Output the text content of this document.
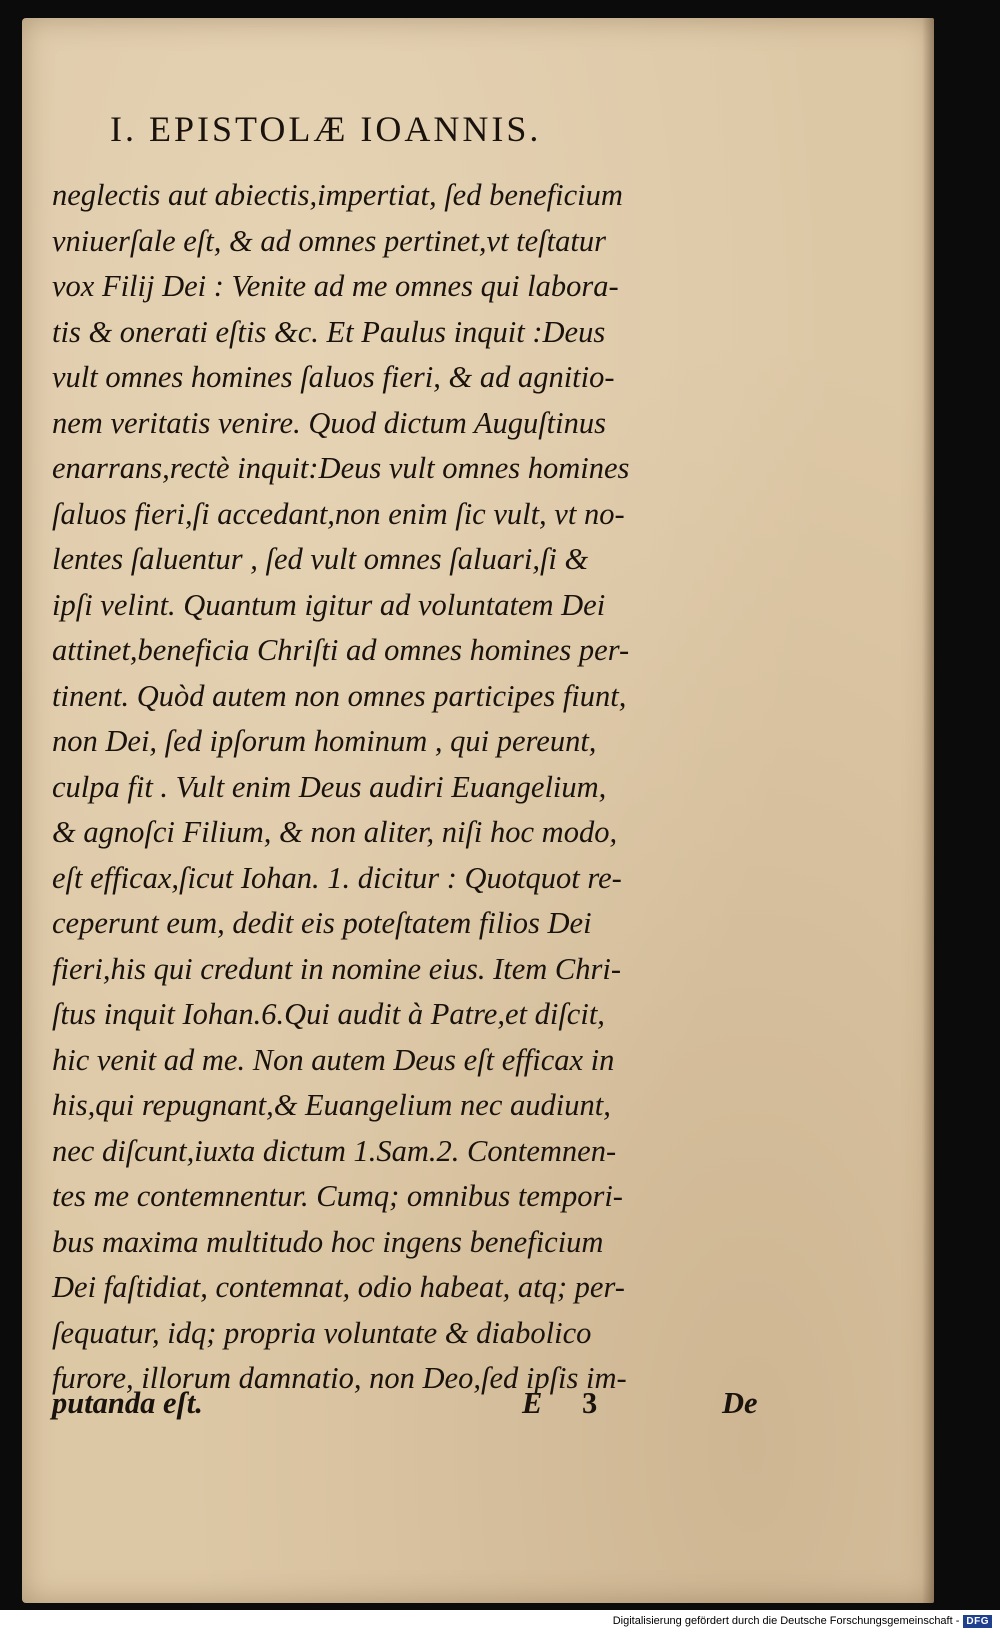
I. EPISTOLÆ IOANNIS.
neglectis aut abiectis,impertiat, ſed beneficium
vniuerſale eſt, & ad omnes pertinet,vt teſtatur
vox Filij Dei : Venite ad me omnes qui labora-
tis & onerati eſtis &c. Et Paulus inquit :Deus
vult omnes homines ſaluos fieri, & ad agnitio-
nem veritatis venire. Quod dictum Auguſtinus
enarrans,rectè inquit:Deus vult omnes homines
ſaluos fieri,ſi accedant,non enim ſic vult, vt no-
lentes ſaluentur , ſed vult omnes ſaluari,ſi &
ipſi velint. Quantum igitur ad voluntatem Dei
attinet,beneficia Chriſti ad omnes homines per-
tinent. Quòd autem non omnes participes fiunt,
non Dei, ſed ipſorum hominum , qui pereunt,
culpa fit . Vult enim Deus audiri Euangelium,
& agnoſci Filium, & non aliter, niſi hoc modo,
eſt efficax,ſicut Iohan. 1. dicitur : Quotquot re-
ceperunt eum, dedit eis poteſtatem filios Dei
fieri,his qui credunt in nomine eius. Item Chri-
ſtus inquit Iohan.6.Qui audit à Patre,et diſcit,
hic venit ad me. Non autem Deus eſt efficax in
his,qui repugnant,& Euangelium nec audiunt,
nec diſcunt,iuxta dictum 1.Sam.2. Contemnen-
tes me contemnentur. Cumq; omnibus tempori-
bus maxima multitudo hoc ingens beneficium
Dei faſtidiat, contemnat, odio habeat, atq; per-
ſequatur, idq; propria voluntate & diabolico
furore, illorum damnatio, non Deo,ſed ipſis im-
putanda eſt.	E 3	De
Digitalisierung gefördert durch die Deutsche Forschungsgemeinschaft - DFG
